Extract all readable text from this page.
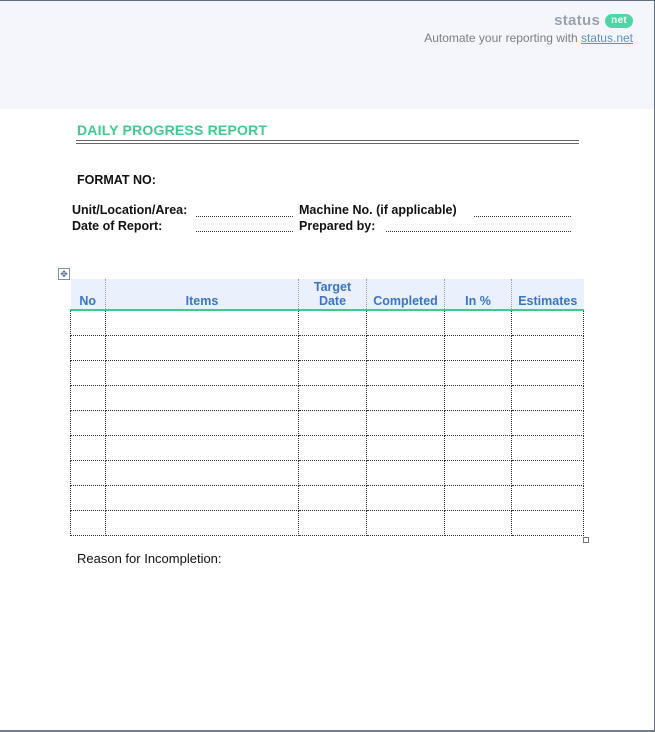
status	net
Automate your reporting with status.net
DAILY PROGRESS REPORT
FORMAT NO:
Unit/Location/Area:	Machine No. (if applicable)
Date of Report:	Prepared by:
✥
No	Items	Target Date	Completed	In %	Estimates

Reason for Incompletion:
